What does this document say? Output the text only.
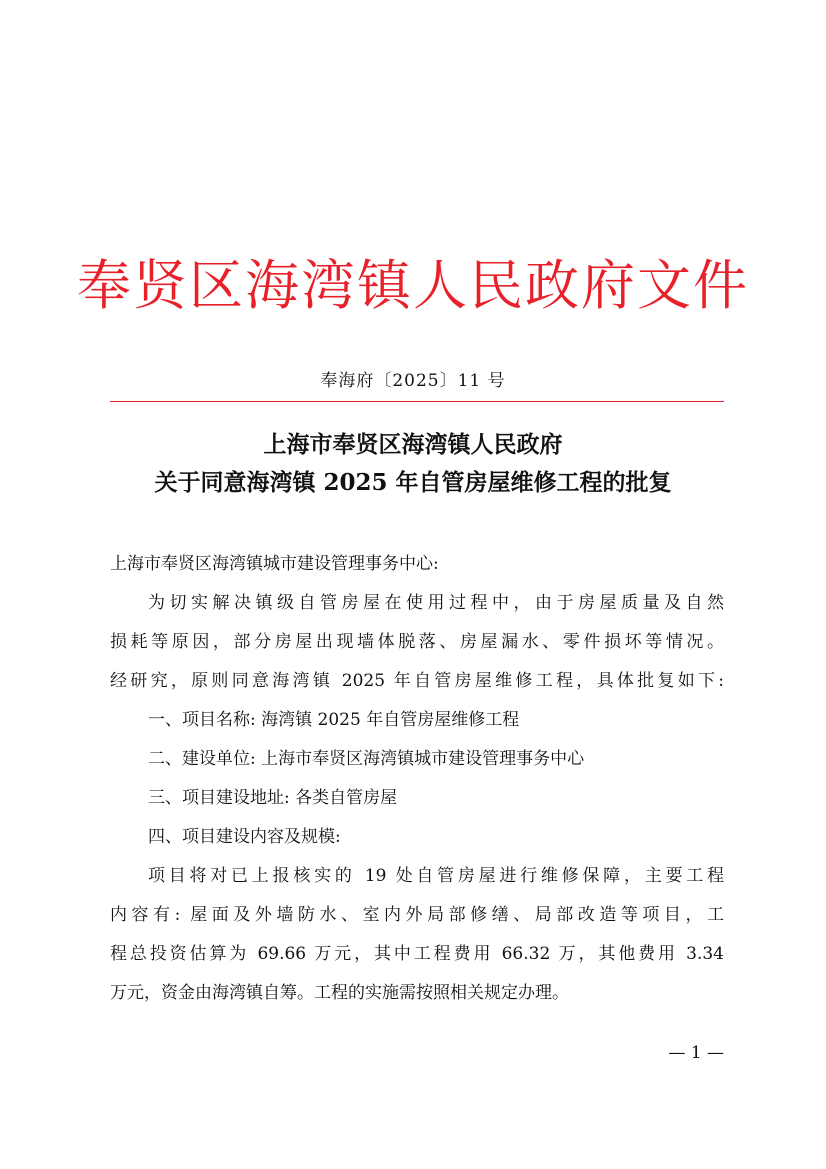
奉贤区海湾镇人民政府文件
奉海府〔2025〕11 号
上海市奉贤区海湾镇人民政府
关于同意海湾镇 2025 年自管房屋维修工程的批复
上海市奉贤区海湾镇城市建设管理事务中心:
为切实解决镇级自管房屋在使用过程中，由于房屋质量及自然
损耗等原因，部分房屋出现墙体脱落、房屋漏水、零件损坏等情况。
经研究，原则同意海湾镇 2025 年自管房屋维修工程，具体批复如下:
一、项目名称: 海湾镇 2025 年自管房屋维修工程
二、建设单位: 上海市奉贤区海湾镇城市建设管理事务中心
三、项目建设地址: 各类自管房屋
四、项目建设内容及规模:
项目将对已上报核实的 19 处自管房屋进行维修保障，主要工程
内容有: 屋面及外墙防水、室内外局部修缮、局部改造等项目，工
程总投资估算为 69.66 万元，其中工程费用 66.32 万，其他费用 3.34
万元，资金由海湾镇自筹。工程的实施需按照相关规定办理。
— 1 —
